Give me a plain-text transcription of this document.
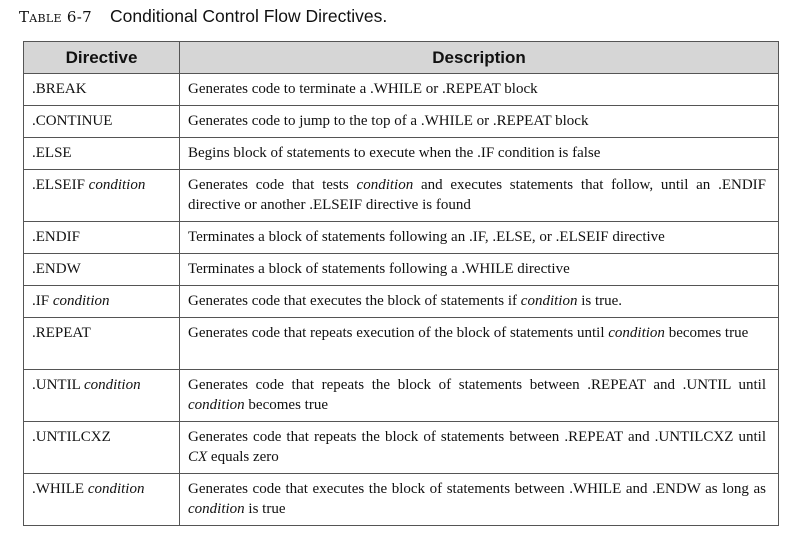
Table 6-7 Conditional Control Flow Directives.
Directive	Description
.BREAK	Generates code to terminate a .WHILE or .REPEAT block
.CONTINUE	Generates code to jump to the top of a .WHILE or .REPEAT block
.ELSE	Begins block of statements to execute when the .IF condition is false
.ELSEIF condition	Generates code that tests condition and executes statements that follow, until an .ENDIF directive or another .ELSEIF directive is found
.ENDIF	Terminates a block of statements following an .IF, .ELSE, or .ELSEIF directive
.ENDW	Terminates a block of statements following a .WHILE directive
.IF condition	Generates code that executes the block of statements if condition is true.
.REPEAT	Generates code that repeats execution of the block of statements until condition becomes true
.UNTIL condition	Generates code that repeats the block of statements between .REPEAT and .UNTIL until condition becomes true
.UNTILCXZ	Generates code that repeats the block of statements between .REPEAT and .UNTILCXZ until CX equals zero
.WHILE condition	Generates code that executes the block of statements between .WHILE and .ENDW as long as condition is true
